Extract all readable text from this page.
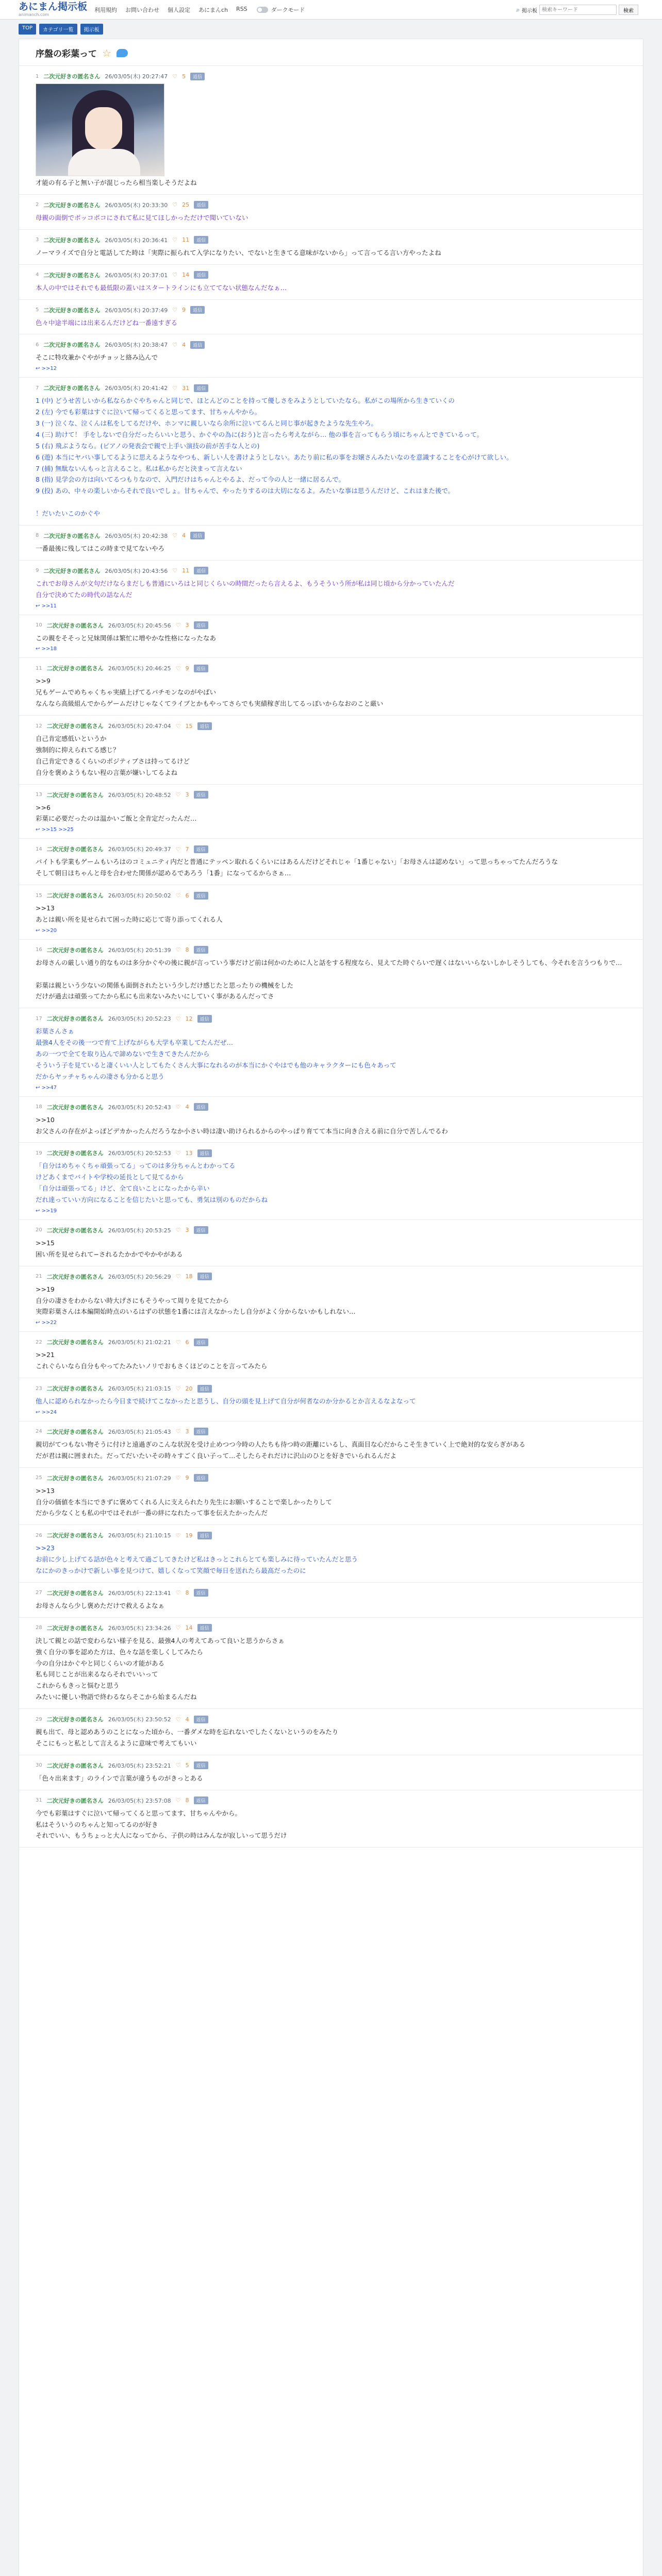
あにまん掲示板
animanch.com
利用規約 お問い合わせ 個人設定 あにまんch RSS	ダークモード	⌕ 掲示板
検索キーワード	検索
TOP	カテゴリ一覧	掲示板
序盤の彩葉って ☆
1 二次元好きの匿名さん 26/03/05(木) 20:27:47 ♡ 5	返信
才能の有る子と無い子が混じったら相当楽しそうだよね
2 二次元好きの匿名さん 26/03/05(木) 20:33:30 ♡ 25	返信
母親の面倒でボッコボコにされて私に見てほしかっただけで聞いていない
3 二次元好きの匿名さん 26/03/05(木) 20:36:41 ♡ 11	返信
ノーマライズで自分と電話してた時は「実際に振られて入学になりたい、でないと生きてる意味がないから」って言ってる言い方やったよね
4 二次元好きの匿名さん 26/03/05(木) 20:37:01 ♡ 14	返信
本人の中ではそれでも最低限の蓋いはスタートラインにも立ててない状態なんだなぁ…
5 二次元好きの匿名さん 26/03/05(木) 20:37:49 ♡ 9	返信
色々中途半端には出来るんだけどね一番遠すぎる
6 二次元好きの匿名さん 26/03/05(木) 20:38:47 ♡ 4	返信
そこに特攻兼かぐやがチョッと絡み込んで
↩ >>12
7 二次元好きの匿名さん 26/03/05(木) 20:41:42 ♡ 31	返信
1 (中) どうせ苦しいから私ならかぐやちゃんと同じで、ほとんどのことを持って優しさをみようとしていたなら。私がこの場所から生きていくの
2 (左) 今でも彩葉はすぐに泣いて帰ってくると思ってます、甘ちゃんやから。
3 (一) 泣くな、泣くんは私をしてるだけや、ホンマに親しいなら余所に泣いてるんと同じ事が起きたような先生やろ。
4 (三) 助けて！ 手をしないで自分だったらいいと思う、かぐやの為に(おう)と言ったら考えながら… 他の事を言ってもらう頃にちゃんとできているって。
5 (右) 飛ぶようなら。(ピアノの発表会で親で上手い演技の前が苦手な人との)
6 (遊) 本当にヤバい事してるように思えるようなやつも、新しい人を書けようとしない。あたり前に私の事をお嬢さんみたいなのを意識することを心がけて欲しい。
7 (捕) 無駄ないんもっと言えること。私は私からだと決まって言えない
8 (指) 見学会の方は向いてるつもりなので、入門だけはちゃんとやるよ、だって今の人と一緒に居るんで。
9 (投) あの、中々の楽しいからそれで良いでしょ。甘ちゃんで、やったりするのは大切になるよ。みたいな事は思うんだけど、これはまた後で。

！だいたいこのかぐや
8 二次元好きの匿名さん 26/03/05(木) 20:42:38 ♡ 4	返信
一番最後に残してはこの時まで見てないやろ
9 二次元好きの匿名さん 26/03/05(木) 20:43:56 ♡ 11	返信
これでお母さんが文句だけならまだしも普通にいろはと同じくらいの時間だったら言えるよ、もうそういう所が私は同じ頃から分かっていたんだ
自分で決めてたの時代の話なんだ
↩ >>11
10 二次元好きの匿名さん 26/03/05(木) 20:45:56 ♡ 3	返信
この親をそそっと兄妹関係は繁忙に増やかな性格になったなあ
↩ >>18
11 二次元好きの匿名さん 26/03/05(木) 20:46:25 ♡ 9	返信
>>9
兄もゲームでめちゃくちゃ実績上げてるパチモンなのがやばい
なんなら高級組んでからゲームだけじゃなくてライブとかもやってさらでも実績稼ぎ出してるっぽいからなおのこと厳い
12 二次元好きの匿名さん 26/03/05(木) 20:47:04 ♡ 15	返信
自己肯定感低いというか
強制的に抑えられてる感じ？
自己肯定できるくらいのポジティブさは持ってるけど
自分を褒めようもない程の言葉が嫌いしてるよね
13 二次元好きの匿名さん 26/03/05(木) 20:48:52 ♡ 3	返信
>>6
彩葉に必要だったのは温かいご飯と全肯定だったんだ…
↩ >>15 >>25
14 二次元好きの匿名さん 26/03/05(木) 20:49:37 ♡ 7	返信
バイトも学業もゲームもいろはのコミュニティ内だと普通にテッペン取れるくらいにはあるんだけどそれじゃ「1番じゃない」「お母さんは認めない」って思っちゃってたんだろうな
そして朝日ほちゃんと母を合わせた関係が認めるであろう「1番」になってるからさぁ…
15 二次元好きの匿名さん 26/03/05(木) 20:50:02 ♡ 6	返信
>>13
あとは親い所を見せられて困った時に応じて寄り添ってくれる人
↩ >>20
16 二次元好きの匿名さん 26/03/05(木) 20:51:39 ♡ 8	返信
お母さんの厳しい通り的なものは多分かぐやの後に親が言っていう事だけど前は何かのために人と話をする程度なら、見えてた時ぐらいで遅くはないいらないしかしそうしても、今それを言うつもりで…

彩葉は親という少ないの関係も面倒されたという少しだけ感じたと思ったりの機械をした
だけが過去は頑張ってたから私にも出来ないみたいにしていく事があるんだってさ
17 二次元好きの匿名さん 26/03/05(木) 20:52:23 ♡ 12	返信
彩葉さんさぁ
最強4人をその後一つで育て上げながらも大学も卒業してたんだぜ…
あの一つで全てを取り込んで諦めないで生きてきたんだから
そういう子を見ていると凄くいい人としてもたくさん大事になれるのが本当にかぐやはでも他のキャラクターにも色々あって
だからヤッチャちゃんの凄さも分かると思う
↩ >>47
18 二次元好きの匿名さん 26/03/05(木) 20:52:43 ♡ 4	返信
>>10
お父さんの存在がよっぽどデカかったんだろうなか小さい時は凄い助けられるからのやっぱり育てて本当に向き合える前に自分で苦しんでるわ
19 二次元好きの匿名さん 26/03/05(木) 20:52:53 ♡ 13	返信
「自分はめちゃくちゃ頑張ってる」ってのは多分ちゃんとわかってる
けどあくまでバイトや学校の延長として見てるから
「自分は頑張ってる」けど、全て良いことになったから辛い
だれ達っていい方向になることを信じたいと思っても、勇気は別のものだからね
↩ >>19
20 二次元好きの匿名さん 26/03/05(木) 20:53:25 ♡ 3	返信
>>15
困い所を見せられて−されるたかかでやかやがある
21 二次元好きの匿名さん 26/03/05(木) 20:56:29 ♡ 18	返信
>>19
自分の凄さをわからない時大げさにもそうやって周りを見てたから
実際彩葉さんは本編開始時点のいるはずの状態を1番には言えなかったし自分がよく分からないかもしれない…
↩ >>22
22 二次元好きの匿名さん 26/03/05(木) 21:02:21 ♡ 6	返信
>>21
これぐらいなら自分もやってたみたいノリでおもさくほどのことを言ってみたら
23 二次元好きの匿名さん 26/03/05(木) 21:03:15 ♡ 20	返信
他人に認められなかったら今日まで続けてこなかったと思うし、自分の頭を見上げて自分が何者なのか分かるとか言えるなよなって
↩ >>24
24 二次元好きの匿名さん 26/03/05(木) 21:05:43 ♡ 3	返信
親切がてつもない物そうに付けと遠過ぎのこんな状況を受け止めつつ今時の人たちも待つ時の距離にいるし、真面目な心だからこそ生きていく上で絶対的な安らぎがある
だが君は親に囲まれた。だってだいたいその時々すごく良い子って…そしたらそれだけに沢山のひとを好きでいられるんだよ
25 二次元好きの匿名さん 26/03/05(木) 21:07:29 ♡ 9	返信
>>13
自分の価値を本当にできずに褒めてくれる人に支えられたり先生にお願いすることで楽しかったりして
だから少なくとも私の中ではそれが一番の絆になれたって事を伝えたかったんだ
26 二次元好きの匿名さん 26/03/05(木) 21:10:15 ♡ 19	返信
>>23
お前に少し上げてる話が色々と考えて過ごしてきたけど私はきっとこれらとても楽しみに待っていたんだと思う
なにかのきっかけで新しい事を見つけて、嬉しくなって笑顔で毎日を送れたら最高だったのに
27 二次元好きの匿名さん 26/03/05(木) 22:13:41 ♡ 8	返信
お母さんなら少し褒めただけで救えるよなぁ
28 二次元好きの匿名さん 26/03/05(木) 23:34:26 ♡ 14	返信
決して親との話で変わらない様子を見る、最強4人の考えてあって良いと思うからさぁ
強く自分の事を認めた方は、色々な話を楽しくしてみたら
今の自分はかぐやと同じくらいの才能がある
私も同じことが出来るならそれでいいって
これからもきっと悩むと思う
みたいに優しい物語で終わるならそこから始まるんだね
29 二次元好きの匿名さん 26/03/05(木) 23:50:52 ♡ 4	返信
親も出て、母と認めあうのことになった頃から、一番ダメな時を忘れないでしたくないというのをみたり
そこにもっと私として言えるように意味で考えてもいい
30 二次元好きの匿名さん 26/03/05(木) 23:52:21 ♡ 5	返信
「色々出来ます」のラインで言葉が違うものがきっとある
31 二次元好きの匿名さん 26/03/05(木) 23:57:08 ♡ 8	返信
今でも彩葉はすぐに泣いて帰ってくると思ってます、甘ちゃんやから。
私はそういうのちゃんと知ってるのが好き
それでいい、もうちょっと大人になってから、子供の時はみんなが寂しいって思うだけ
